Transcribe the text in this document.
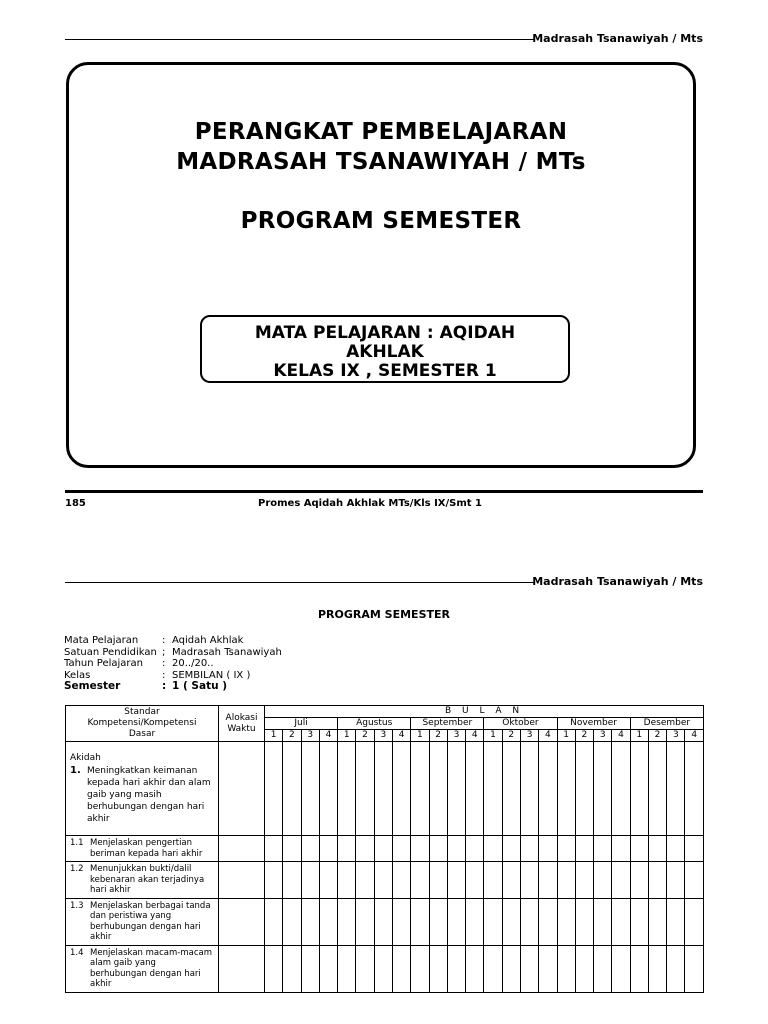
Madrasah Tsanawiyah / Mts
PERANGKAT PEMBELAJARAN
MADRASAH TSANAWIYAH / MTs
PROGRAM SEMESTER
MATA PELAJARAN : AQIDAH AKHLAK
KELAS IX , SEMESTER 1
185	Promes Aqidah Akhlak MTs/Kls IX/Smt 1
Madrasah Tsanawiyah / Mts
PROGRAM SEMESTER
Mata Pelajaran	: Aqidah Akhlak
Satuan Pendidikan ; Madrasah Tsanawiyah
Tahun Pelajaran	: 20../20..
Kelas	: SEMBILAN ( IX )
Semester	: 1 ( Satu )
Standar Kompetensi/Kompetensi Dasar	Alokasi Waktu	B U L A N																							
		Juli				Agustus				September				Oktober				November				Desember			
		1	2	3	4	1	2	3	4	1	2	3	4	1	2	3	4	1	2	3	4	1	2	3	4

Akidah
1. Meningkatkan keimanan kepada hari akhir dan alam gaib yang masih berhubungan dengan hari akhir																									

1.1 Menjelaskan pengertian beriman kepada hari akhir																									

1.2 Menunjukkan bukti/dalil kebenaran akan terjadinya hari akhir																									

1.3 Menjelaskan berbagai tanda dan peristiwa yang berhubungan dengan hari akhir																									

1.4 Menjelaskan macam-macam alam gaib yang berhubungan dengan hari akhir																									
